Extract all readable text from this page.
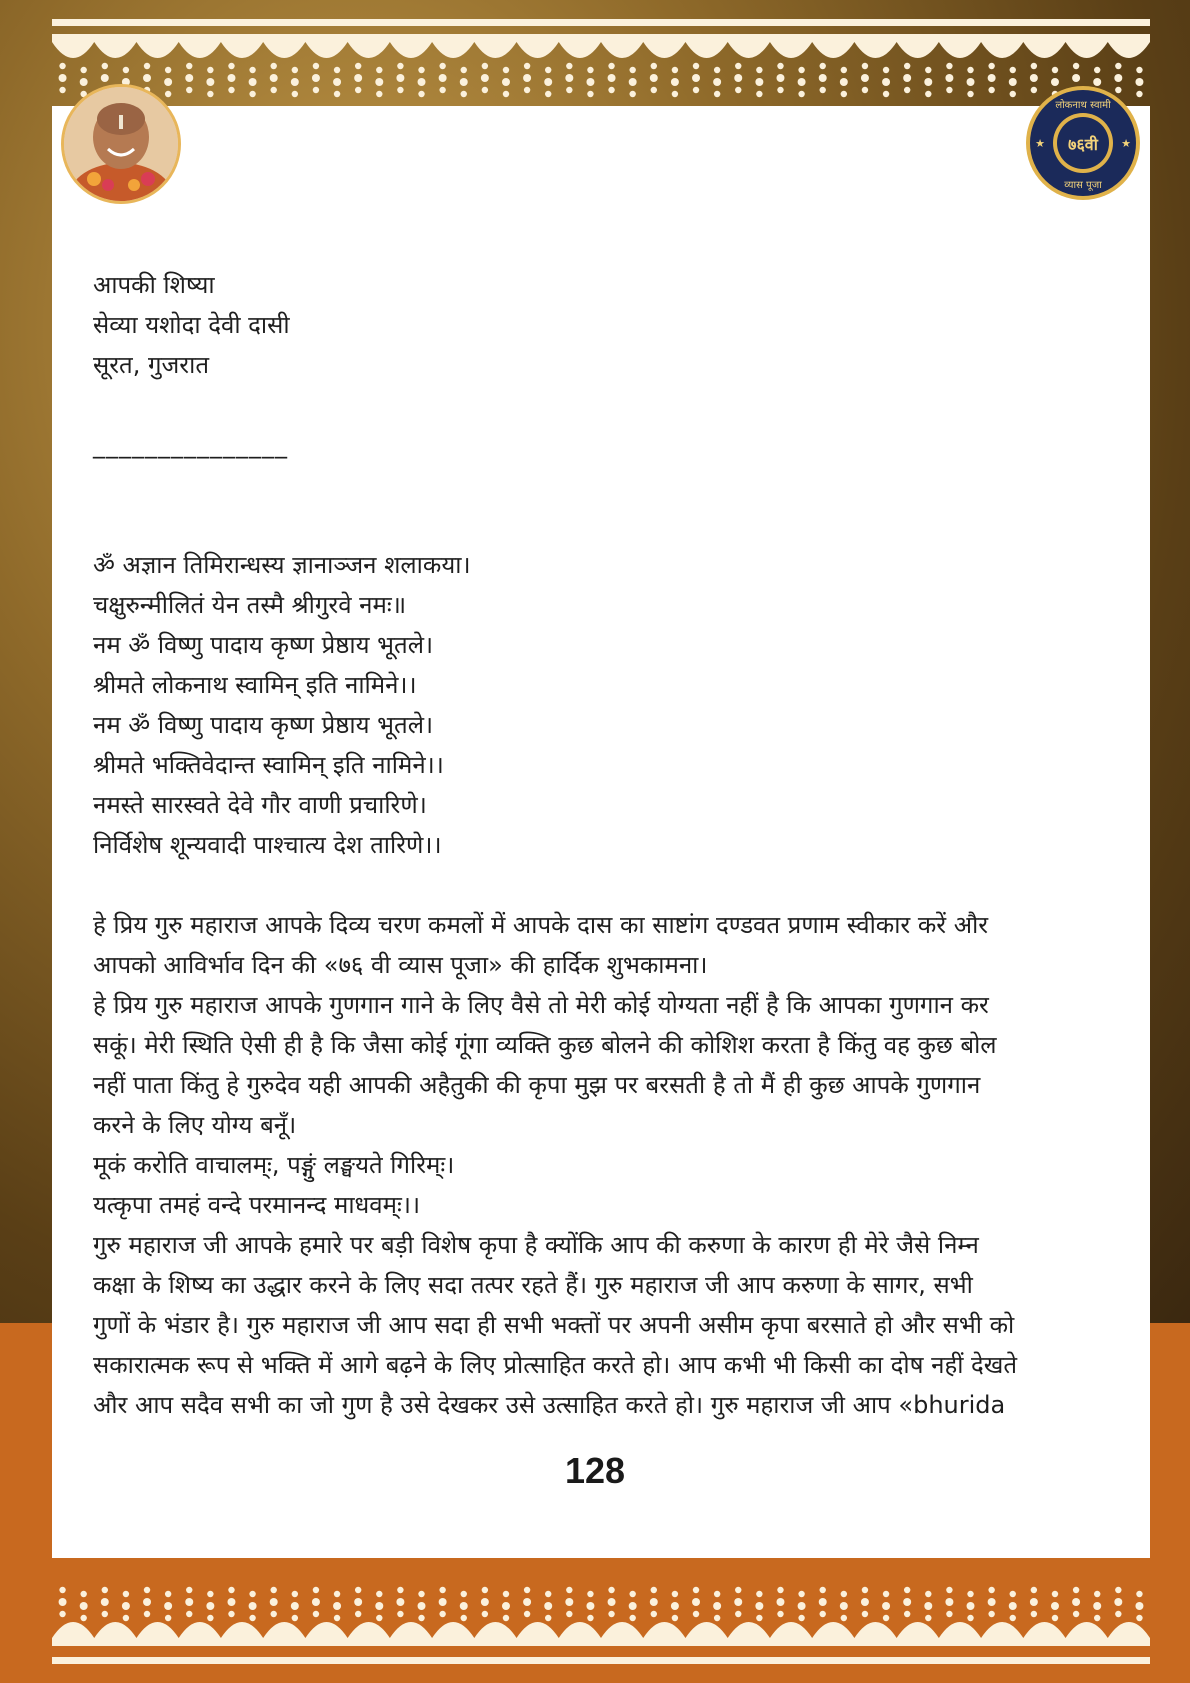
लोकनाथ स्वामी
७६वी
व्यास पूजा
★	★

आपकी शिष्या

सेव्या यशोदा देवी दासी

सूरत, गुजरात

_______________

ॐ अज्ञान तिमिरान्धस्य ज्ञानाञ्जन शलाकया।

चक्षुरुन्मीलितं येन तस्मै श्रीगुरवे नमः॥

नम ॐ विष्णु पादाय कृष्ण प्रेष्ठाय भूतले।

श्रीमते लोकनाथ स्वामिन् इति नामिने।।

नम ॐ विष्णु पादाय कृष्ण प्रेष्ठाय भूतले।

श्रीमते भक्तिवेदान्त स्वामिन् इति नामिने।।

नमस्ते सारस्वते देवे गौर वाणी प्रचारिणे।

निर्विशेष शून्यवादी पाश्चात्य देश तारिणे।।

हे प्रिय गुरु महाराज आपके दिव्य चरण कमलों में आपके दास का साष्टांग दण्डवत प्रणाम स्वीकार करें और

आपको आविर्भाव दिन की «७६ वी व्यास पूजा» की हार्दिक शुभकामना।

हे प्रिय गुरु महाराज आपके गुणगान गाने के लिए वैसे तो मेरी कोई योग्यता नहीं है कि आपका गुणगान कर

सकूं। मेरी स्थिति ऐसी ही है कि जैसा कोई गूंगा व्यक्ति कुछ बोलने की कोशिश करता है किंतु वह कुछ बोल

नहीं पाता किंतु हे गुरुदेव यही आपकी अहैतुकी की कृपा मुझ पर बरसती है तो मैं ही कुछ आपके गुणगान

करने के लिए योग्य बनूँ।

मूकं करोति वाचालम्ः, पङ्गुं लङ्घयते गिरिम्ः।

यत्कृपा तमहं वन्दे परमानन्द माधवम्ः।।

गुरु महाराज जी आपके हमारे पर बड़ी विशेष कृपा है क्योंकि आप की करुणा के कारण ही मेरे जैसे निम्न

कक्षा के शिष्य का उद्धार करने के लिए सदा तत्पर रहते हैं। गुरु महाराज जी आप करुणा के सागर, सभी

गुणों के भंडार है। गुरु महाराज जी आप सदा ही सभी भक्तों पर अपनी असीम कृपा बरसाते हो और सभी को

सकारात्मक रूप से भक्ति में आगे बढ़ने के लिए प्रोत्साहित करते हो। आप कभी भी किसी का दोष नहीं देखते

और आप सदैव सभी का जो गुण है उसे देखकर उसे उत्साहित करते हो। गुरु महाराज जी आप «bhurida

128
